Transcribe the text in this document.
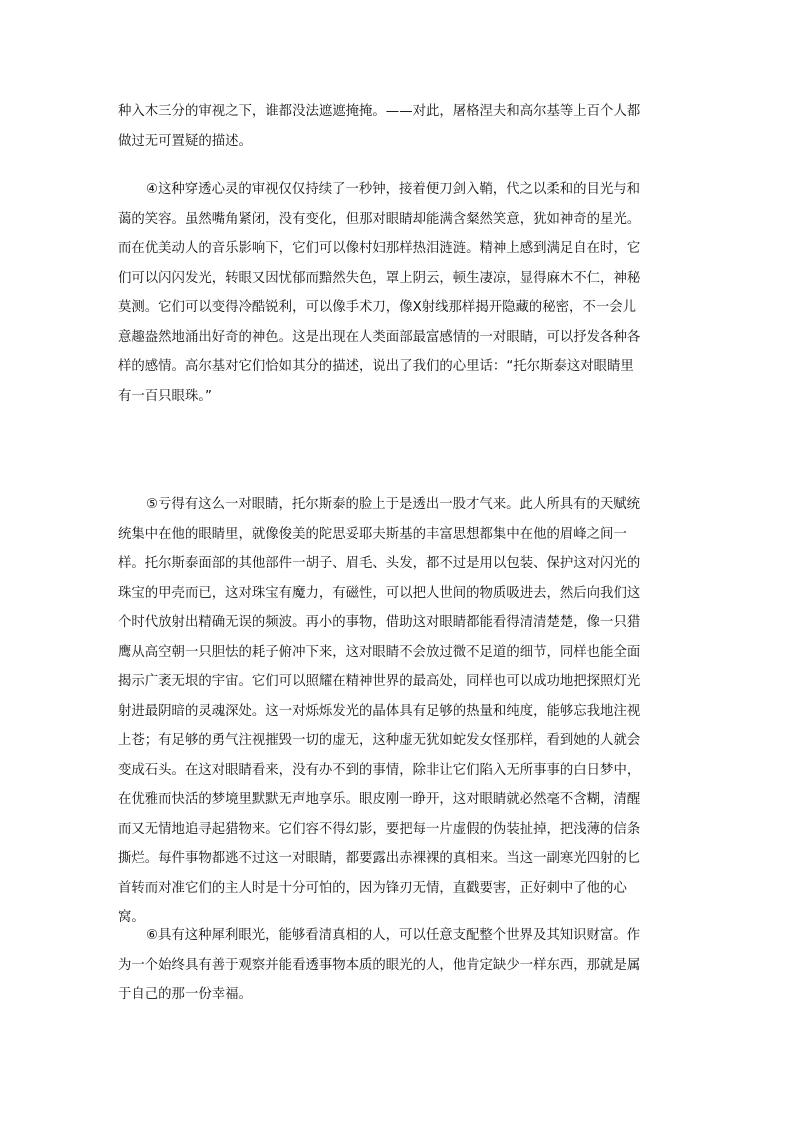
种入木三分的审视之下，谁都没法遮遮掩掩。——对此，屠格涅夫和高尔基等上百个人都
做过无可置疑的描述。
④这种穿透心灵的审视仅仅持续了一秒钟，接着便刀剑入鞘，代之以柔和的目光与和
蔼的笑容。虽然嘴角紧闭，没有变化，但那对眼睛却能满含粲然笑意，犹如神奇的星光。
而在优美动人的音乐影响下，它们可以像村妇那样热泪涟涟。精神上感到满足自在时，它
们可以闪闪发光，转眼又因忧郁而黯然失色，罩上阴云，顿生凄凉，显得麻木不仁，神秘
莫测。它们可以变得冷酷锐利，可以像手术刀，像X射线那样揭开隐藏的秘密，不一会儿
意趣盎然地涌出好奇的神色。这是出现在人类面部最富感情的一对眼睛，可以抒发各种各
样的感情。高尔基对它们恰如其分的描述，说出了我们的心里话：“托尔斯泰这对眼睛里
有一百只眼珠。”
⑤亏得有这么一对眼睛，托尔斯泰的脸上于是透出一股才气来。此人所具有的天赋统
统集中在他的眼睛里，就像俊美的陀思妥耶夫斯基的丰富思想都集中在他的眉峰之间一
样。托尔斯泰面部的其他部件一胡子、眉毛、头发，都不过是用以包装、保护这对闪光的
珠宝的甲壳而已，这对珠宝有魔力，有磁性，可以把人世间的物质吸进去，然后向我们这
个时代放射出精确无误的频波。再小的事物，借助这对眼睛都能看得清清楚楚，像一只猎
鹰从高空朝一只胆怯的耗子俯冲下来，这对眼睛不会放过微不足道的细节，同样也能全面
揭示广袤无垠的宇宙。它们可以照耀在精神世界的最高处，同样也可以成功地把探照灯光
射进最阴暗的灵魂深处。这一对烁烁发光的晶体具有足够的热量和纯度，能够忘我地注视
上苍；有足够的勇气注视摧毁一切的虚无，这种虚无犹如蛇发女怪那样，看到她的人就会
变成石头。在这对眼睛看来，没有办不到的事情，除非让它们陷入无所事事的白日梦中，
在优雅而快活的梦境里默默无声地享乐。眼皮刚一睁开，这对眼睛就必然毫不含糊，清醒
而又无情地追寻起猎物来。它们容不得幻影，要把每一片虚假的伪装扯掉，把浅薄的信条
撕烂。每件事物都逃不过这一对眼睛，都要露出赤裸裸的真相来。当这一副寒光四射的匕
首转而对准它们的主人时是十分可怕的，因为锋刃无情，直戳要害，正好刺中了他的心
窝。
⑥具有这种犀利眼光，能够看清真相的人，可以任意支配整个世界及其知识财富。作
为一个始终具有善于观察并能看透事物本质的眼光的人，他肯定缺少一样东西，那就是属
于自己的那一份幸福。
